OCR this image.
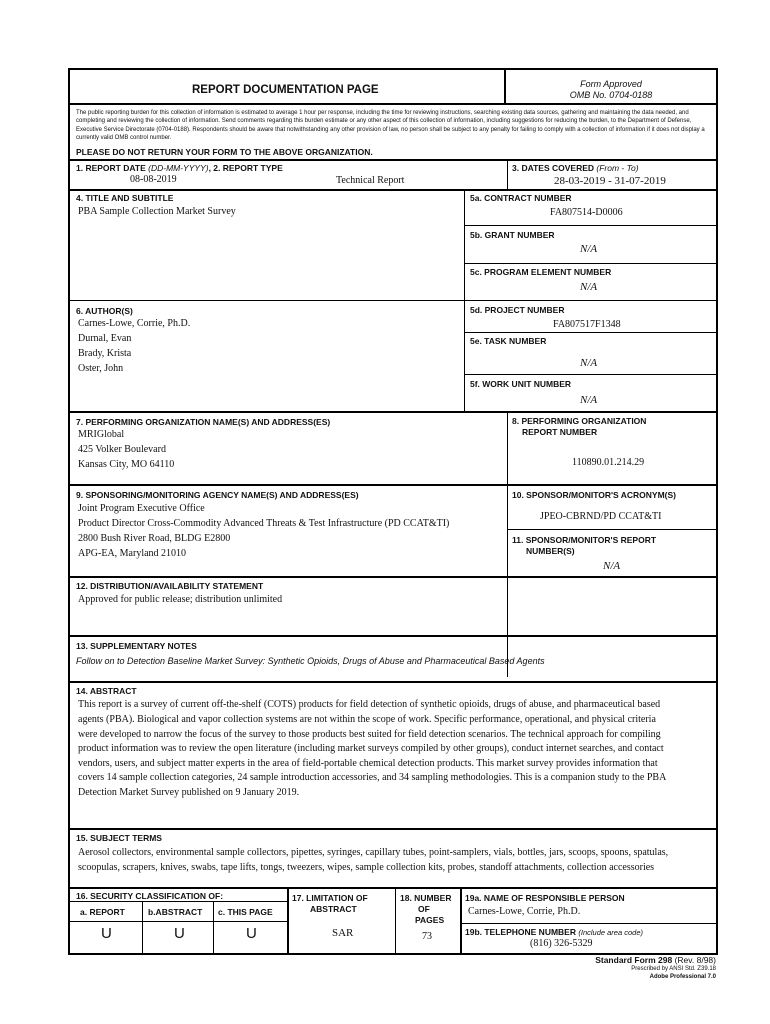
REPORT DOCUMENTATION PAGE	Form Approved
OMB No. 0704-0188
The public reporting burden for this collection of information is estimated to average 1 hour per response, including the time for reviewing instructions, searching existing data sources, gathering and maintaining the data needed, and completing and reviewing the collection of information. Send comments regarding this burden estimate or any other aspect of this collection of information, including suggestions for reducing the burden, to the Department of Defense, Executive Service Directorate (0704-0188). Respondents should be aware that notwithstanding any other provision of law, no person shall be subject to any penalty for failing to comply with a collection of information if it does not display a currently valid OMB control number.
PLEASE DO NOT RETURN YOUR FORM TO THE ABOVE ORGANIZATION.
1. REPORT DATE (DD-MM-YYYY), 2. REPORT TYPE
08-08-2019	Technical Report
3. DATES COVERED (From - To)
28-03-2019 - 31-07-2019
4. TITLE AND SUBTITLE
PBA Sample Collection Market Survey
5a. CONTRACT NUMBER
FA807514-D0006
5b. GRANT NUMBER
N/A
5c. PROGRAM ELEMENT NUMBER
N/A
6. AUTHOR(S)
Carnes-Lowe, Corrie, Ph.D.
Durnal, Evan
Brady, Krista
Oster, John
5d. PROJECT NUMBER
FA807517F1348
5e. TASK NUMBER
N/A
5f. WORK UNIT NUMBER
N/A
7. PERFORMING ORGANIZATION NAME(S) AND ADDRESS(ES)
MRIGlobal
425 Volker Boulevard
Kansas City, MO 64110
8. PERFORMING ORGANIZATION
REPORT NUMBER
110890.01.214.29
9. SPONSORING/MONITORING AGENCY NAME(S) AND ADDRESS(ES)
Joint Program Executive Office
Product Director Cross-Commodity Advanced Threats & Test Infrastructure (PD CCAT&TI)
2800 Bush River Road, BLDG E2800
APG-EA, Maryland 21010
10. SPONSOR/MONITOR'S ACRONYM(S)
JPEO-CBRND/PD CCAT&TI
11. SPONSOR/MONITOR'S REPORT
NUMBER(S)
N/A
12. DISTRIBUTION/AVAILABILITY STATEMENT
Approved for public release; distribution unlimited
13. SUPPLEMENTARY NOTES
Follow on to Detection Baseline Market Survey: Synthetic Opioids, Drugs of Abuse and Pharmaceutical Based Agents
14. ABSTRACT
This report is a survey of current off-the-shelf (COTS) products for field detection of synthetic opioids, drugs of abuse, and pharmaceutical based
agents (PBA). Biological and vapor collection systems are not within the scope of work. Specific performance, operational, and physical criteria
were developed to narrow the focus of the survey to those products best suited for field detection scenarios. The technical approach for compiling
product information was to review the open literature (including market surveys compiled by other groups), conduct internet searches, and contact
vendors, users, and subject matter experts in the area of field-portable chemical detection products. This market survey provides information that
covers 14 sample collection categories, 24 sample introduction accessories, and 34 sampling methodologies. This is a companion study to the PBA
Detection Market Survey published on 9 January 2019.
15. SUBJECT TERMS
Aerosol collectors, environmental sample collectors, pipettes, syringes, capillary tubes, point-samplers, vials, bottles, jars, scoops, spoons, spatulas,
scoopulas, scrapers, knives, swabs, tape lifts, tongs, tweezers, wipes, sample collection kits, probes, standoff attachments, collection accessories
16. SECURITY CLASSIFICATION OF:
a. REPORT	b.ABSTRACT c. THIS PAGE
U	U	U
17. LIMITATION OF
ABSTRACT
SAR
18. NUMBER
OF
PAGES
73
19a. NAME OF RESPONSIBLE PERSON
Carnes-Lowe, Corrie, Ph.D.
19b. TELEPHONE NUMBER (Include area code)
(816) 326-5329
Standard Form 298 (Rev. 8/98)
Prescribed by ANSI Std. Z39.18
Adobe Professional 7.0
